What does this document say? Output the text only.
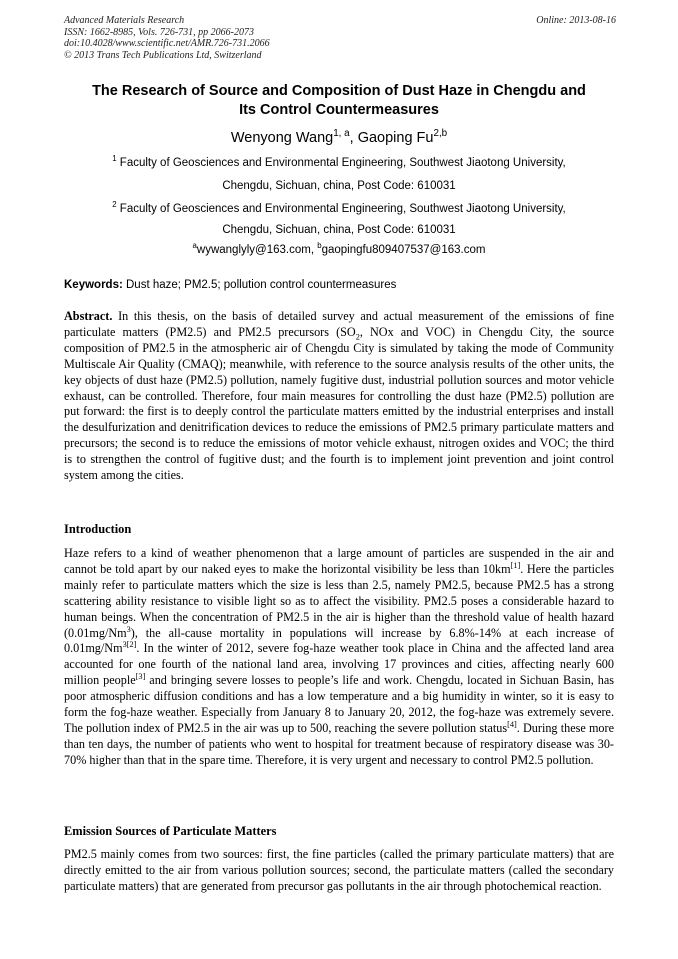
Advanced Materials Research
ISSN: 1662-8985, Vols. 726-731, pp 2066-2073
doi:10.4028/www.scientific.net/AMR.726-731.2066
© 2013 Trans Tech Publications Ltd, Switzerland
Online: 2013-08-16
The Research of Source and Composition of Dust Haze in Chengdu and
Its Control Countermeasures
Wenyong Wang$^{1, a}$, Gaoping Fu$^{2,b}$
$^1$ Faculty of Geosciences and Environmental Engineering, Southwest Jiaotong University,
Chengdu, Sichuan, china, Post Code: 610031
$^2$ Faculty of Geosciences and Environmental Engineering, Southwest Jiaotong University,
Chengdu, Sichuan, china, Post Code: 610031
$^a$wywanglyly@163.com, $^b$gaopingfu809407537@163.com
Keywords: Dust haze; PM2.5; pollution control countermeasures
Abstract. In this thesis, on the basis of detailed survey and actual measurement of the emissions of fine particulate matters (PM2.5) and PM2.5 precursors ($SO_2$, NOx and VOC) in Chengdu City, the source composition of PM2.5 in the atmospheric air of Chengdu City is simulated by taking the mode of Community Multiscale Air Quality (CMAQ); meanwhile, with reference to the source analysis results of the other units, the key objects of dust haze (PM2.5) pollution, namely fugitive dust, industrial pollution sources and motor vehicle exhaust, can be controlled. Therefore, four main measures for controlling the dust haze (PM2.5) pollution are put forward: the first is to deeply control the particulate matters emitted by the industrial enterprises and install the desulfurization and denitrification devices to reduce the emissions of PM2.5 primary particulate matters and precursors; the second is to reduce the emissions of motor vehicle exhaust, nitrogen oxides and VOC; the third is to strengthen the control of fugitive dust; and the fourth is to implement joint prevention and joint control system among the cities.
Introduction
Haze refers to a kind of weather phenomenon that a large amount of particles are suspended in the air and cannot be told apart by our naked eyes to make the horizontal visibility be less than 10km[1]. Here the particles mainly refer to particulate matters which the size is less than 2.5, namely PM2.5, because PM2.5 has a strong scattering ability resistance to visible light so as to affect the visibility. PM2.5 poses a considerable hazard to human beings. When the concentration of PM2.5 in the air is higher than the threshold value of health hazard (0.01mg/Nm$^3$), the all-cause mortality in populations will increase by 6.8%-14% at each increase of $0.01mg/Nm^{3[2]}$. In the winter of 2012, severe fog-haze weather took place in China and the affected land area accounted for one fourth of the national land area, involving 17 provinces and cities, affecting nearly 600 million people[3] and bringing severe losses to people’s life and work. Chengdu, located in Sichuan Basin, has poor atmospheric diffusion conditions and has a low temperature and a big humidity in winter, so it is easy to form the fog-haze weather. Especially from January 8 to January 20, 2012, the fog-haze was extremely severe. The pollution index of PM2.5 in the air was up to 500, reaching the severe pollution status[4]. During these more than ten days, the number of patients who went to hospital for treatment because of respiratory disease was 30-70% higher than that in the spare time. Therefore, it is very urgent and necessary to control PM2.5 pollution.
Emission Sources of Particulate Matters
PM2.5 mainly comes from two sources: first, the fine particles (called the primary particulate matters) that are directly emitted to the air from various pollution sources; second, the particulate matters (called the secondary particulate matters) that are generated from precursor gas pollutants in the air through photochemical reaction.
